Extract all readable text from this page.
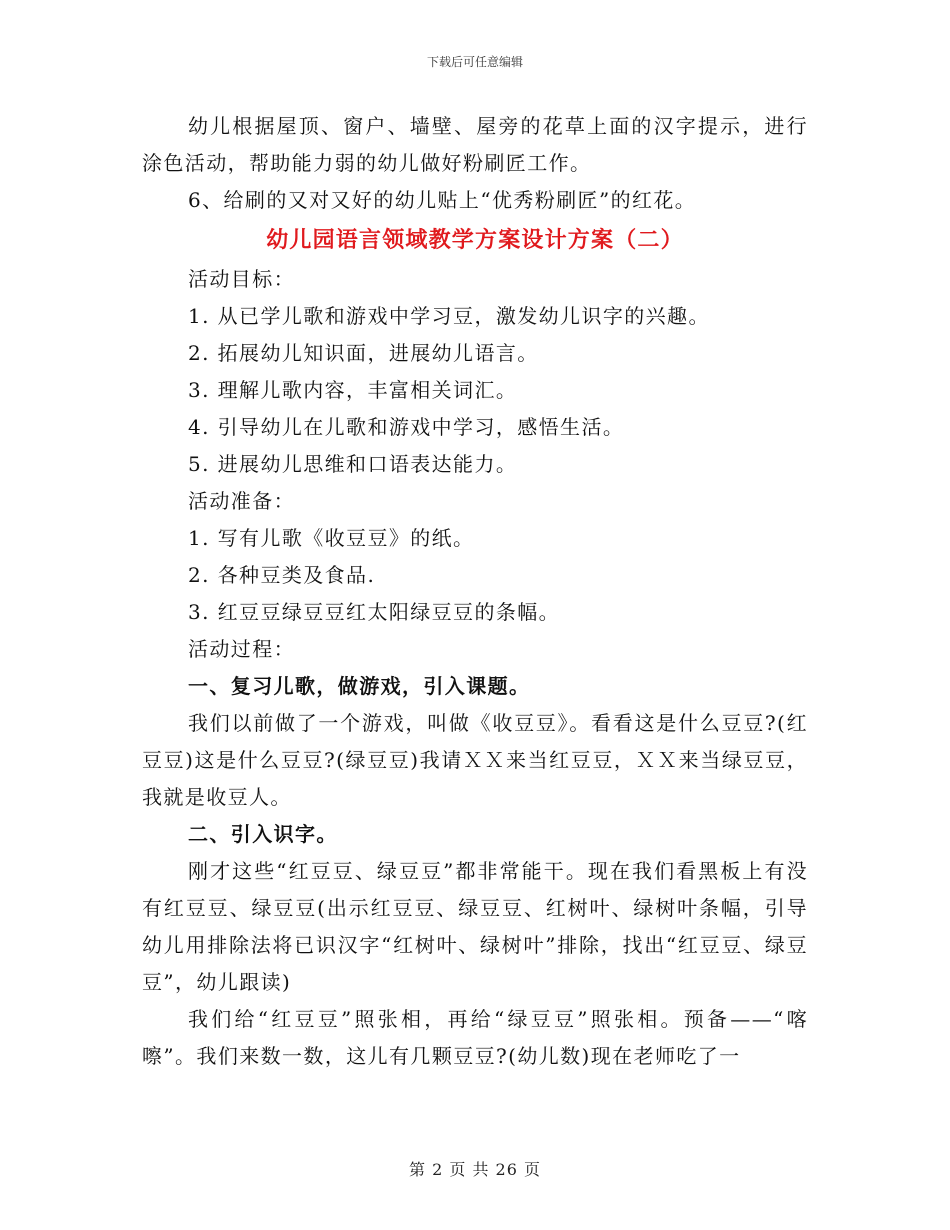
下载后可任意编辑

幼儿根据屋顶、窗户、墙壁、屋旁的花草上面的汉字提示，进行涂色活动，帮助能力弱的幼儿做好粉刷匠工作。

6、给刷的又对又好的幼儿贴上“优秀粉刷匠”的红花。

幼儿园语言领域教学方案设计方案（二）

活动目标：

1. 从已学儿歌和游戏中学习豆，激发幼儿识字的兴趣。

2. 拓展幼儿知识面，进展幼儿语言。

3. 理解儿歌内容，丰富相关词汇。

4. 引导幼儿在儿歌和游戏中学习，感悟生活。

5. 进展幼儿思维和口语表达能力。

活动准备：

1. 写有儿歌《收豆豆》的纸。

2. 各种豆类及食品.

3. 红豆豆绿豆豆红太阳绿豆豆的条幅。

活动过程：

一、复习儿歌，做游戏，引入课题。

我们以前做了一个游戏，叫做《收豆豆》。看看这是什么豆豆?(红豆豆)这是什么豆豆?(绿豆豆)我请ＸＸ来当红豆豆，ＸＸ来当绿豆豆，我就是收豆人。

二、引入识字。

刚才这些“红豆豆、绿豆豆”都非常能干。现在我们看黑板上有没有红豆豆、绿豆豆(出示红豆豆、绿豆豆、红树叶、绿树叶条幅，引导幼儿用排除法将已识汉字“红树叶、绿树叶”排除，找出“红豆豆、绿豆豆”，幼儿跟读)

我们给“红豆豆”照张相，再给“绿豆豆”照张相。预备——“喀嚓”。我们来数一数，这儿有几颗豆豆?(幼儿数)现在老师吃了一

第 2 页 共 26 页
